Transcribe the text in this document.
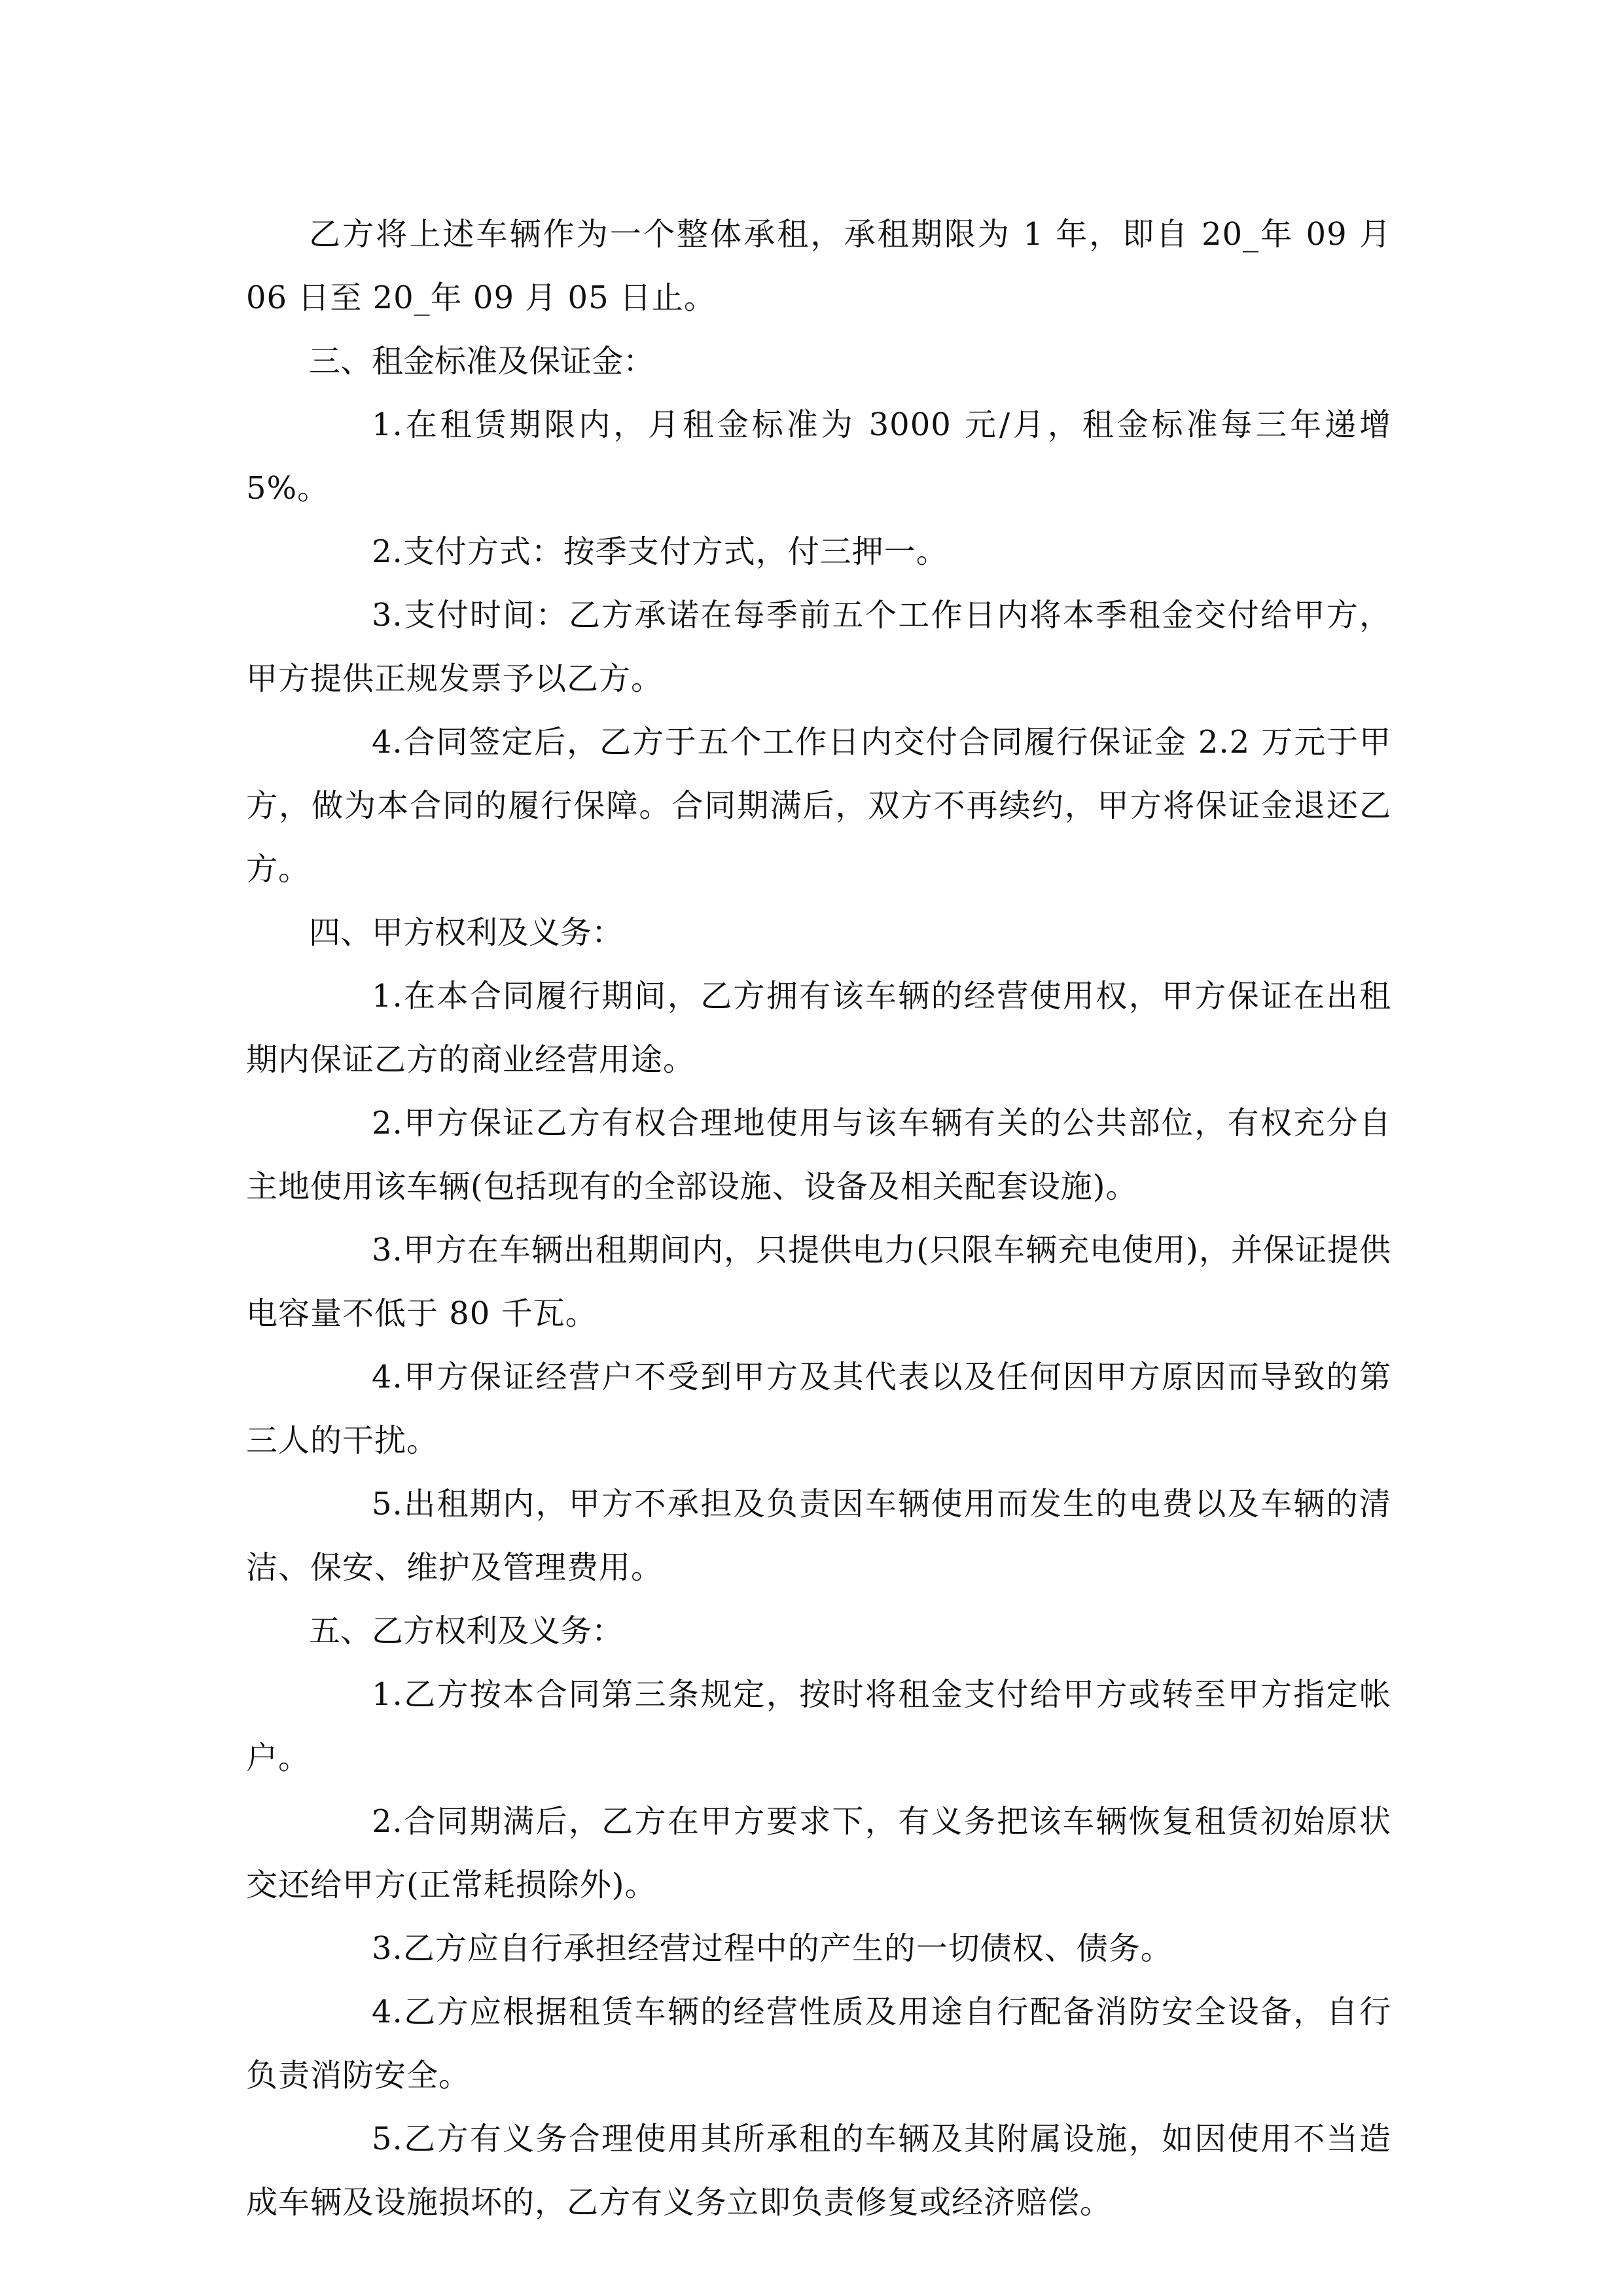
乙方将上述车辆作为一个整体承租，承租期限为 1 年，即自 20_年 09 月 06 日至 20_年 09 月 05 日止。

三、租金标准及保证金：

1.在租赁期限内，月租金标准为 3000 元/月，租金标准每三年递增 5%。

2.支付方式：按季支付方式，付三押一。

3.支付时间：乙方承诺在每季前五个工作日内将本季租金交付给甲方，甲方提供正规发票予以乙方。

4.合同签定后，乙方于五个工作日内交付合同履行保证金 2.2 万元于甲方，做为本合同的履行保障。合同期满后，双方不再续约，甲方将保证金退还乙方。

四、甲方权利及义务：

1.在本合同履行期间，乙方拥有该车辆的经营使用权，甲方保证在出租期内保证乙方的商业经营用途。

2.甲方保证乙方有权合理地使用与该车辆有关的公共部位，有权充分自主地使用该车辆(包括现有的全部设施、设备及相关配套设施)。

3.甲方在车辆出租期间内，只提供电力(只限车辆充电使用)，并保证提供电容量不低于 80 千瓦。

4.甲方保证经营户不受到甲方及其代表以及任何因甲方原因而导致的第三人的干扰。

5.出租期内，甲方不承担及负责因车辆使用而发生的电费以及车辆的清洁、保安、维护及管理费用。

五、乙方权利及义务：

1.乙方按本合同第三条规定，按时将租金支付给甲方或转至甲方指定帐户。

2.合同期满后，乙方在甲方要求下，有义务把该车辆恢复租赁初始原状交还给甲方(正常耗损除外)。

3.乙方应自行承担经营过程中的产生的一切债权、债务。

4.乙方应根据租赁车辆的经营性质及用途自行配备消防安全设备，自行负责消防安全。

5.乙方有义务合理使用其所承租的车辆及其附属设施，如因使用不当造成车辆及设施损坏的，乙方有义务立即负责修复或经济赔偿。
